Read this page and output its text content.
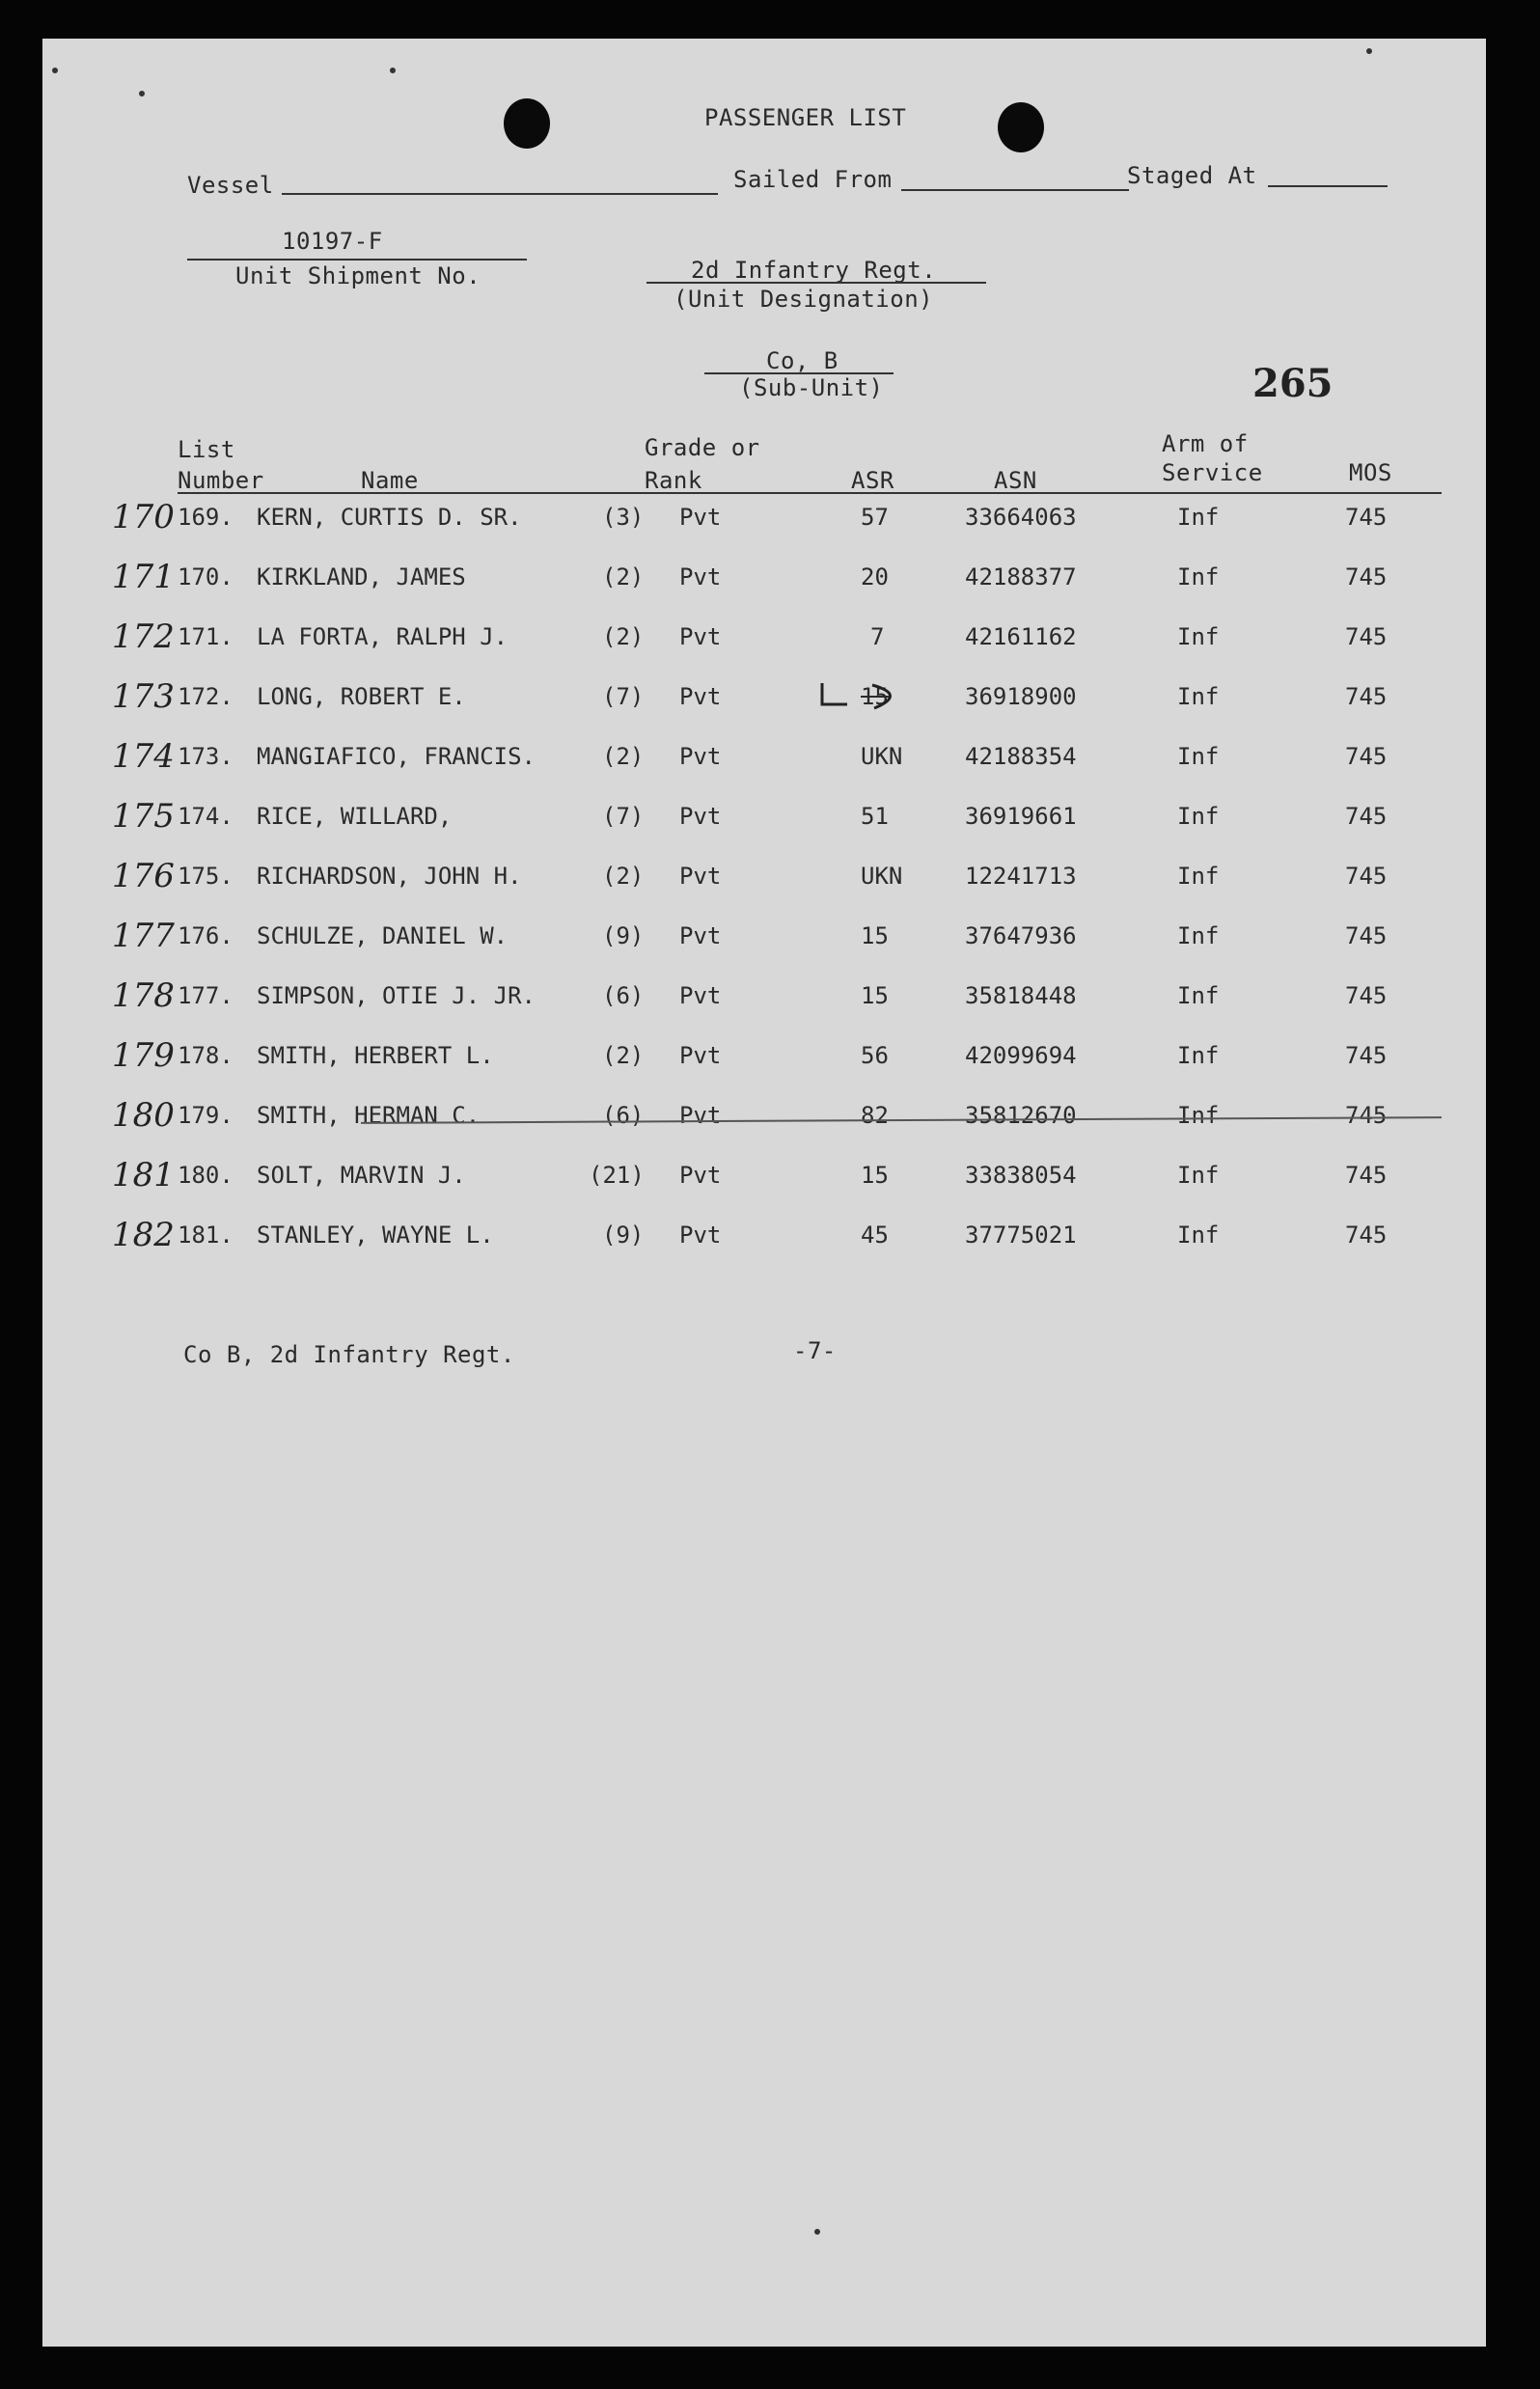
PASSENGER LIST
Vessel	Sailed From	Staged At
10197-F
Unit Shipment No.	2d Infantry Regt.
(Unit Designation)
Co, B
(Sub-Unit)	265
List
Number	Name
Grade or
Rank	ASR	ASN
Arm of
Service	MOS
170 169. KERN, CURTIS D. SR.	(3) Pvt	57	33664063	Inf	745
171 170. KIRKLAND, JAMES	(2) Pvt	20	42188377	Inf	745
172 171. LA FORTA, RALPH J.	(2) Pvt	7	42161162	Inf	745
173 172. LONG, ROBERT E.	(7) Pvt	15	36918900	Inf	745
174 173. MANGIAFICO, FRANCIS.	(2) Pvt	UKN	42188354	Inf	745
175 174. RICE, WILLARD,	(7) Pvt	51	36919661	Inf	745
176 175. RICHARDSON, JOHN H.	(2) Pvt	UKN	12241713	Inf	745
177 176. SCHULZE, DANIEL W.	(9) Pvt	15	37647936	Inf	745
178 177. SIMPSON, OTIE J. JR.	(6) Pvt	15	35818448	Inf	745
179 178. SMITH, HERBERT L.	(2) Pvt	56	42099694	Inf	745
180 179. SMITH, HERMAN C.	(6) Pvt	82	35812670	Inf	745
181 180. SOLT, MARVIN J.	(21) Pvt	15	33838054	Inf	745
182 181. STANLEY, WAYNE L.	(9) Pvt	45	37775021	Inf	745
Co B, 2d Infantry Regt.	-7-
